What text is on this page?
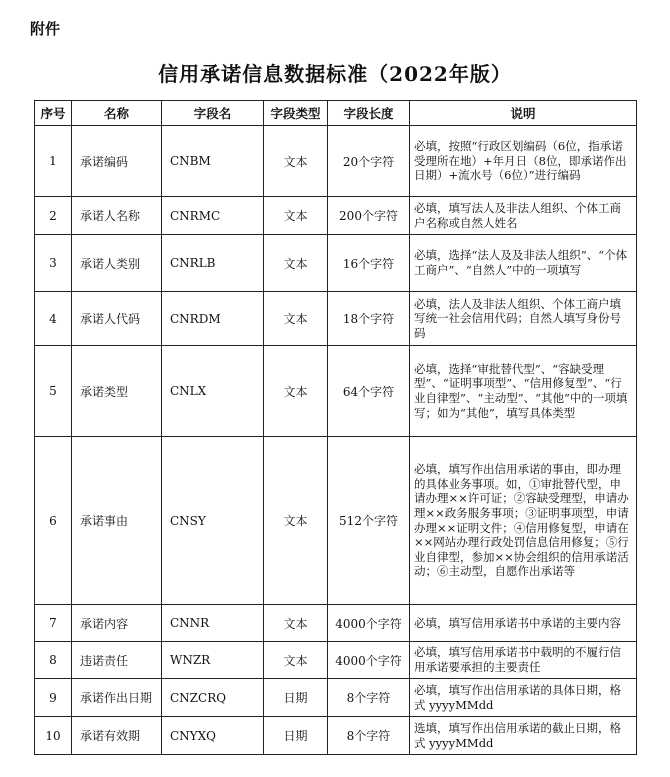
附件
信用承诺信息数据标准（2022年版）
序号	名称	字段名	字段类型	字段长度	说明
1	承诺编码	CNBM	文本	20个字符	必填，按照“行政区划编码（6位，指承诺受理所在地）+年月日（8位，即承诺作出日期）+流水号（6位）”进行编码
2	承诺人名称	CNRMC	文本	200个字符	必填，填写法人及非法人组织、个体工商户名称或自然人姓名
3	承诺人类别	CNRLB	文本	16个字符	必填，选择“法人及及非法人组织”、“个体工商户”、“自然人”中的一项填写
4	承诺人代码	CNRDM	文本	18个字符	必填，法人及非法人组织、个体工商户填写统一社会信用代码；自然人填写身份号码
5	承诺类型	CNLX	文本	64个字符	必填，选择“审批替代型”、“容缺受理型”、“证明事项型”、“信用修复型”、“行业自律型”、“主动型”、“其他”中的一项填写；如为“其他”，填写具体类型
6	承诺事由	CNSY	文本	512个字符	必填，填写作出信用承诺的事由，即办理的具体业务事项。如，①审批替代型，申请办理××许可证；②容缺受理型，申请办理××政务服务事项；③证明事项型，申请办理××证明文件；④信用修复型，申请在××网站办理行政处罚信息信用修复；⑤行业自律型，参加××协会组织的信用承诺活动；⑥主动型，自愿作出承诺等
7	承诺内容	CNNR	文本	4000个字符	必填，填写信用承诺书中承诺的主要内容
8	违诺责任	WNZR	文本	4000个字符	必填，填写信用承诺书中载明的不履行信用承诺要承担的主要责任
9	承诺作出日期	CNZCRQ	日期	8个字符	必填，填写作出信用承诺的具体日期，格式 yyyyMMdd
10	承诺有效期	CNYXQ	日期	8个字符	选填，填写作出信用承诺的截止日期，格式 yyyyMMdd
